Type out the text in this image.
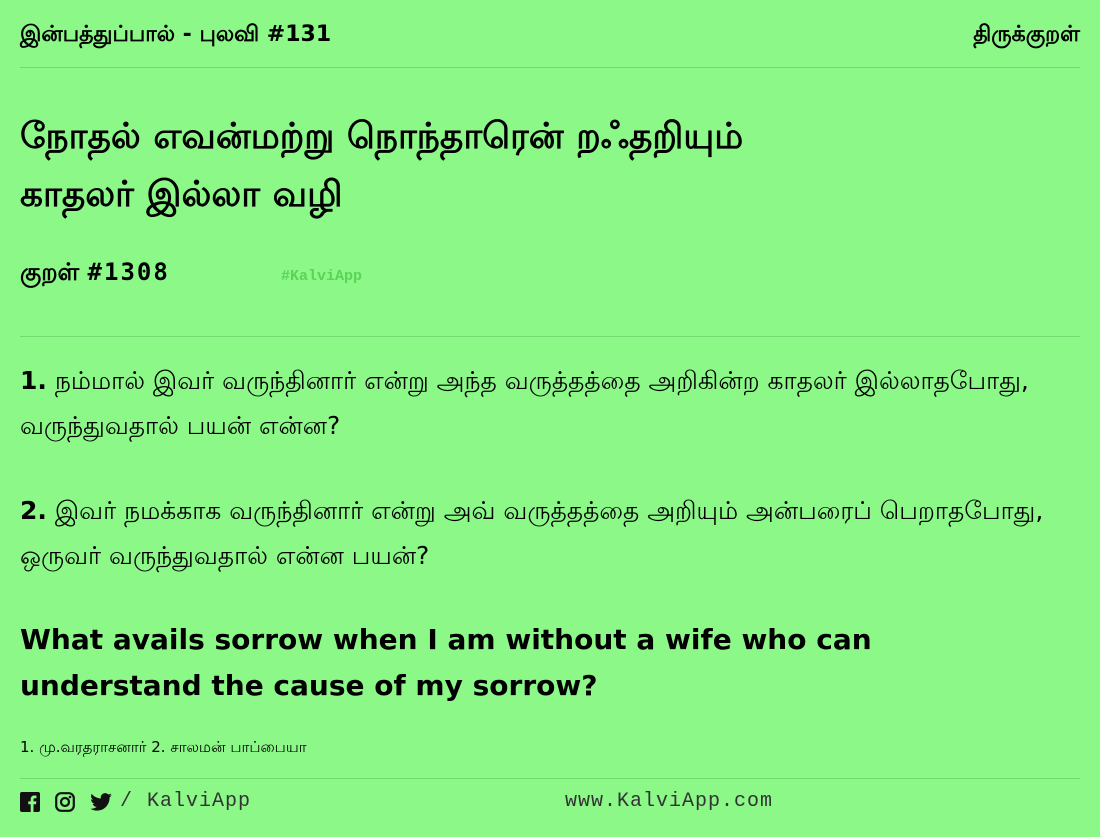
இன்பத்துப்பால் - புலவி #131	திருக்குறள்
நோதல் எவன்மற்று நொந்தாரென் றஃதறியும்
காதலர் இல்லா வழி
குறள் #1308	#KalviApp
1. நம்மால் இவர் வருந்தினார் என்று அந்த வருத்தத்தை அறிகின்ற காதலர் இல்லாதபோது, வருந்துவதால் பயன் என்ன?
2. இவர் நமக்காக வருந்தினார் என்று அவ் வருத்தத்தை அறியும் அன்பரைப் பெறாதபோது, ஒருவர் வருந்துவதால் என்ன பயன்?
What avails sorrow when I am without a wife who can understand the cause of my sorrow?
1. மு.வரதராசனார் 2. சாலமன் பாப்பையா

/ KalviApp	www.KalviApp.com
